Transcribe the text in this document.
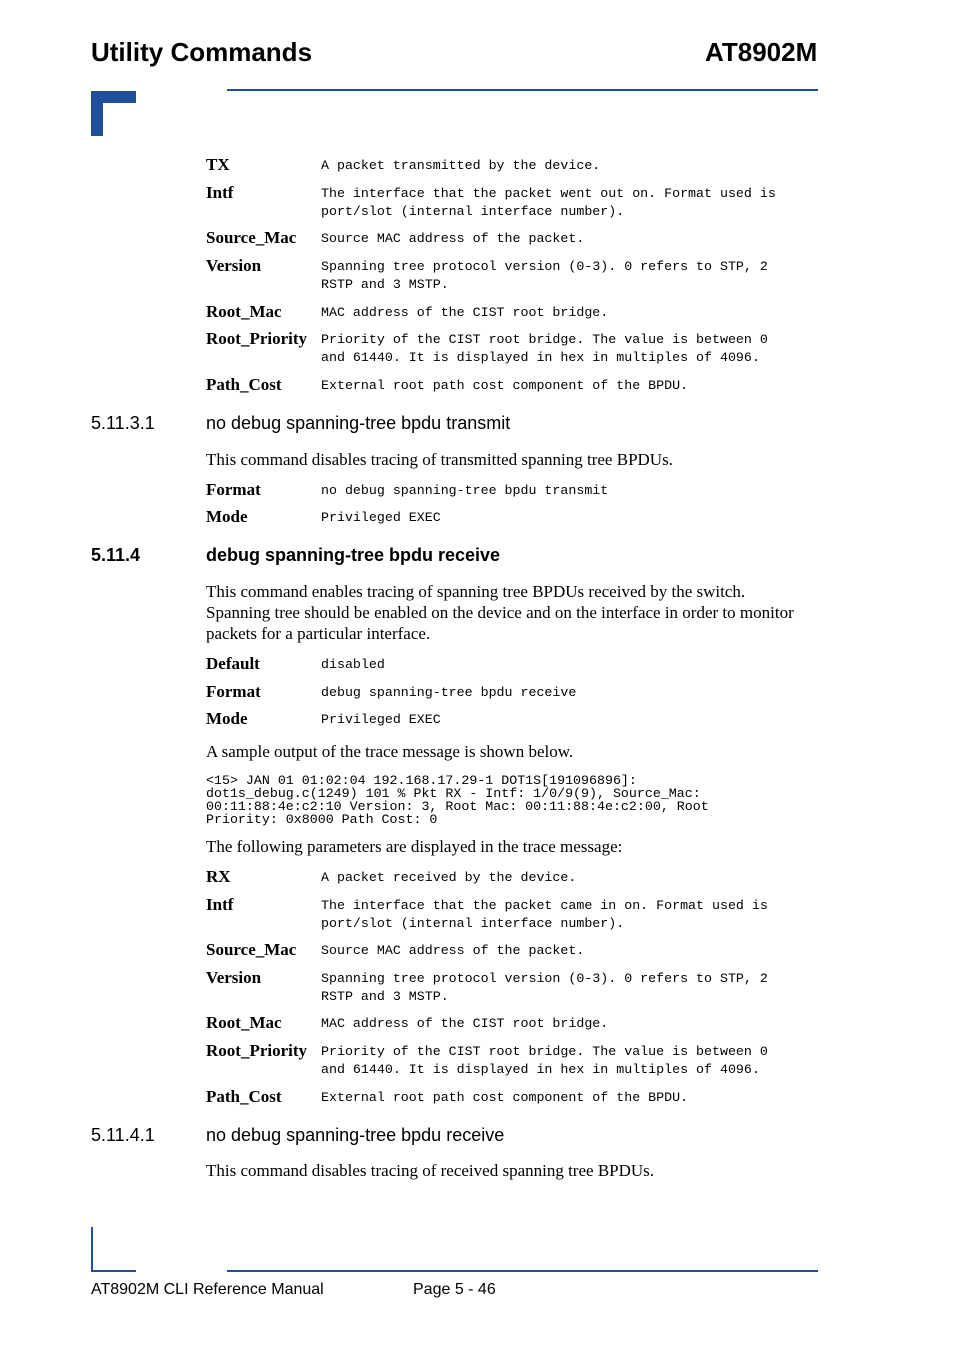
Utility Commands	AT8902M
TX	A packet transmitted by the device.
Intf	The interface that the packet went out on. Format used is
port/slot (internal interface number).
Source_Mac Source MAC address of the packet.
Version	Spanning tree protocol version (0-3). 0 refers to STP, 2
RSTP and 3 MSTP.
Root_Mac	MAC address of the CIST root bridge.
Root_Priority Priority of the CIST root bridge. The value is between 0
and 61440. It is displayed in hex in multiples of 4096.
Path_Cost	External root path cost component of the BPDU.
5.11.3.1	no debug spanning-tree bpdu transmit
This command disables tracing of transmitted spanning tree BPDUs.
Format	no debug spanning-tree bpdu transmit
Mode	Privileged EXEC
5.11.4	debug spanning-tree bpdu receive
This command enables tracing of spanning tree BPDUs received by the switch.
Spanning tree should be enabled on the device and on the interface in order to monitor
packets for a particular interface.
Default	disabled
Format	debug spanning-tree bpdu receive
Mode	Privileged EXEC
A sample output of the trace message is shown below.
<15> JAN 01 01:02:04 192.168.17.29-1 DOT1S[191096896]:
dot1s_debug.c(1249) 101 % Pkt RX - Intf: 1/0/9(9), Source_Mac:
00:11:88:4e:c2:10 Version: 3, Root Mac: 00:11:88:4e:c2:00, Root
Priority: 0x8000 Path Cost: 0
The following parameters are displayed in the trace message:
RX	A packet received by the device.
Intf	The interface that the packet came in on. Format used is
port/slot (internal interface number).
Source_Mac Source MAC address of the packet.
Version	Spanning tree protocol version (0-3). 0 refers to STP, 2
RSTP and 3 MSTP.
Root_Mac	MAC address of the CIST root bridge.
Root_Priority Priority of the CIST root bridge. The value is between 0
and 61440. It is displayed in hex in multiples of 4096.
Path_Cost	External root path cost component of the BPDU.
5.11.4.1	no debug spanning-tree bpdu receive
This command disables tracing of received spanning tree BPDUs.
AT8902M CLI Reference Manual	Page 5 - 46
